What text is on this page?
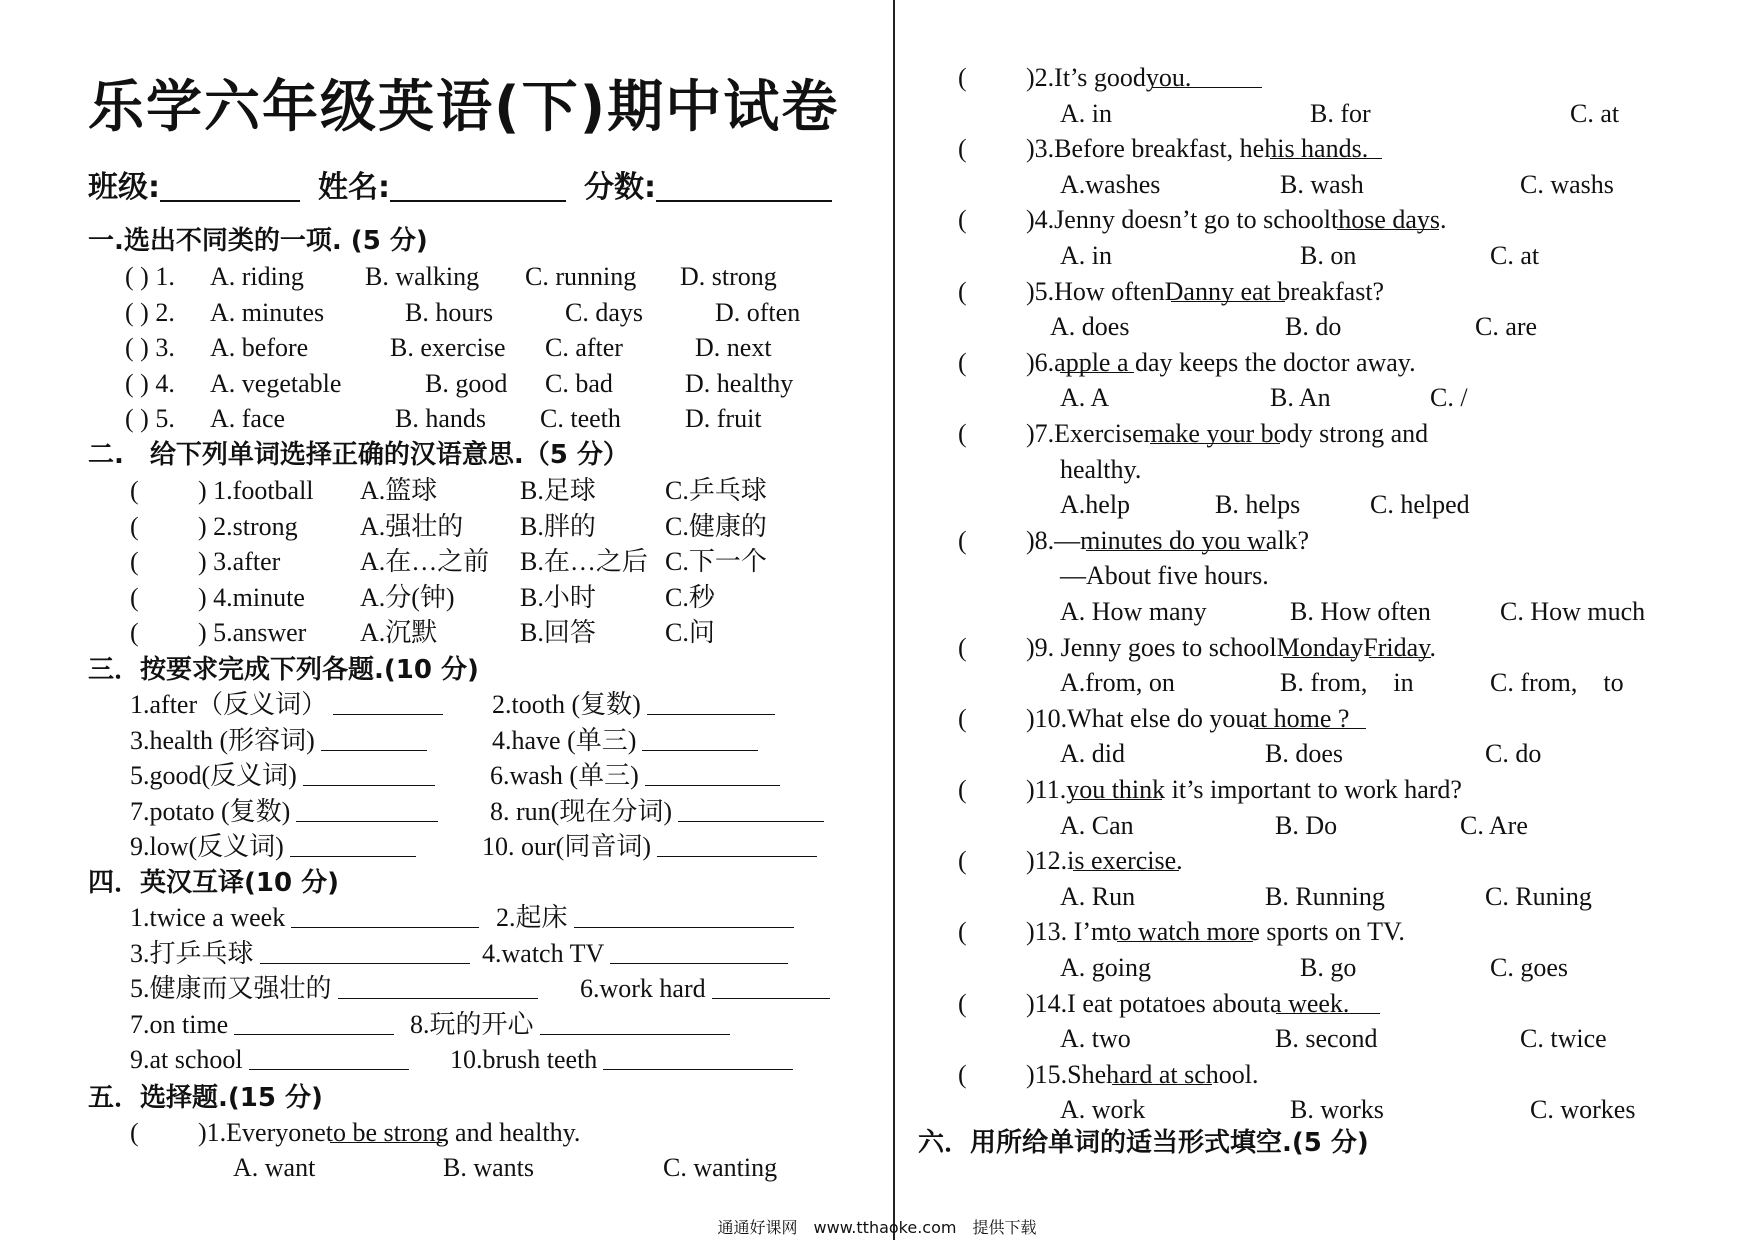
乐学六年级英语(下)期中试卷
班级:	姓名:	分数:
一.选出不同类的一项. (5 分)
( ) 1. A. riding B. walking C. running D. strong
( ) 2. A. minutes	B. hours	C. days	D. often
( ) 3. A. before	B. exercise C. after	D. next
( ) 4. A. vegetable	B. good C. bad	D. healthy
( ) 5. A. face	B. hands C. teeth D. fruit
二.　给下列单词选择正确的汉语意思.（5 分）
( ) 1.football A.篮球	B.足球	C.乒乓球
( ) 2.strong A.强壮的 B.胖的	C.健康的
( ) 3.after	A.在…之前 B.在…之后 C.下一个
( ) 4.minute A.分(钟)	B.小时	C.秒
( ) 5.answer A.沉默	B.回答	C.问
三．按要求完成下列各题.(10 分)
1.after（反义词）	2.tooth (复数)
3.health (形容词)	4.have (单三)
5.good(反义词)	6.wash (单三)
7.potato (复数)	8. run(现在分词)
9.low(反义词)	10. our(同音词)
四．英汉互译(10 分)
1.twice a week	2.起床
3.打乒乓球	4.watch TV
5.健康而又强壮的	6.work hard
7.on time	8.玩的开心
9.at school	10.brush teeth
五．选择题.(15 分)
( )1.Everyone
to be strong and healthy.
A. want	B. wants	C. wanting
( )2.It’s good
you.
A. in	B. for	C. at
( )3.Before breakfast, he
his hands.
A.washes	B. wash	C. washs
( )4.Jenny doesn’t go to school
those days.
A. in	B. on	C. at
( )5.How often
Danny eat breakfast?
A. does	B. do	C. are
( )6.
apple a day keeps the doctor away.
A. A	B. An	C. /
( )7.Exercise
make your body strong and
healthy.
A.help	B. helps	C. helped
( )8.—
minutes do you walk?
—About five hours.
A. How many	B. How often	C. How much
( )9. Jenny goes to school
Monday
Friday.
A.from, on	B. from,　in	C. from,　to
( )10.What else do you
at home ?
A. did	B. does	C. do
( )11.
you think it’s important to work hard?
A. Can	B. Do	C. Are
( )12.
is exercise.
A. Run	B. Running	C. Runing
( )13. I’m
to watch more sports on TV.
A. going	B. go	C. goes
( )14.I eat potatoes about
a week.
A. two	B. second	C. twice
( )15.She
hard at school.
A. work	B. works	C. workes
六．用所给单词的适当形式填空.(5 分)
通通好课网　www.tthaoke.com　提供下载
